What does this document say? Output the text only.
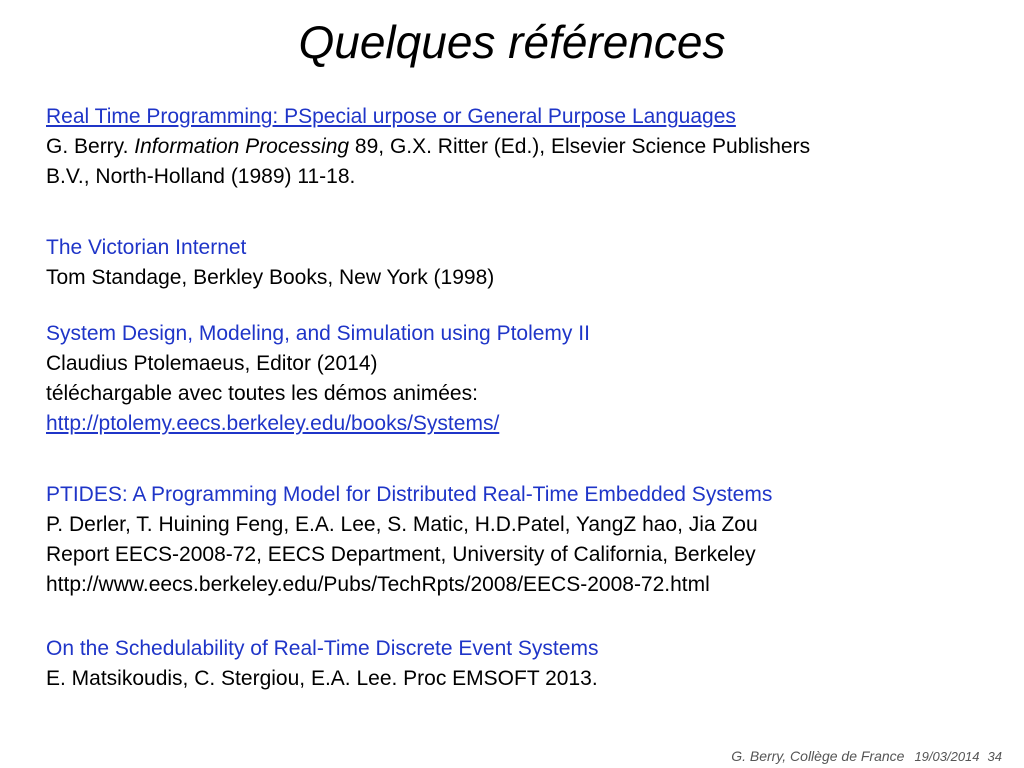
Quelques références
Real Time Programming: PSpecial urpose or General Purpose Languages
G. Berry. Information Processing 89, G.X. Ritter (Ed.), Elsevier Science Publishers
B.V., North-Holland (1989) 11-18.
The Victorian Internet
Tom Standage, Berkley Books, New York (1998)
System Design, Modeling, and Simulation using Ptolemy II
Claudius Ptolemaeus, Editor (2014)
téléchargable avec toutes les démos animées:
http://ptolemy.eecs.berkeley.edu/books/Systems/
PTIDES: A Programming Model for Distributed Real-Time Embedded Systems
P. Derler, T. Huining Feng, E.A. Lee, S. Matic, H.D.Patel, YangZ hao, Jia Zou
Report EECS-2008-72, EECS Department, University of California, Berkeley
http://www.eecs.berkeley.edu/Pubs/TechRpts/2008/EECS-2008-72.html
On the Schedulability of Real-Time Discrete Event Systems
E. Matsikoudis, C. Stergiou, E.A. Lee. Proc EMSOFT 2013.
G. Berry, Collège de France 19/03/2014 34
